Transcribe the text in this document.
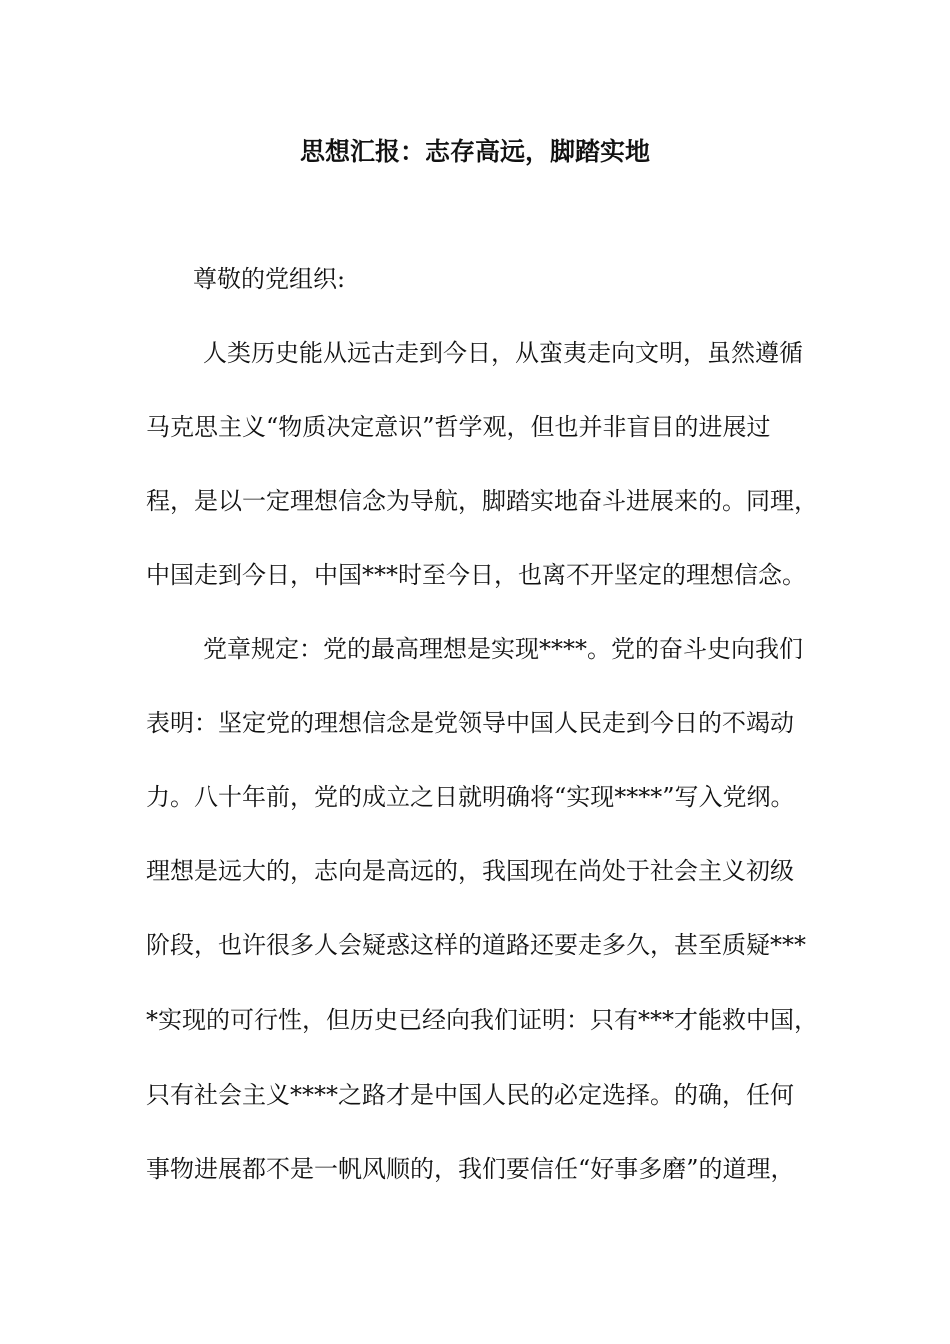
思想汇报：志存高远，脚踏实地
尊敬的党组织:
人类历史能从远古走到今日，从蛮夷走向文明，虽然遵循
马克思主义“物质决定意识”哲学观，但也并非盲目的进展过
程，是以一定理想信念为导航，脚踏实地奋斗进展来的。同理，
中国走到今日，中国***时至今日，也离不开坚定的理想信念。
党章规定：党的最高理想是实现****。党的奋斗史向我们
表明：坚定党的理想信念是党领导中国人民走到今日的不竭动
力。八十年前，党的成立之日就明确将“实现****”写入党纲。
理想是远大的，志向是高远的，我国现在尚处于社会主义初级
阶段，也许很多人会疑惑这样的道路还要走多久，甚至质疑***
*实现的可行性，但历史已经向我们证明：只有***才能救中国，
只有社会主义****之路才是中国人民的必定选择。的确，任何
事物进展都不是一帆风顺的，我们要信任“好事多磨”的道理，
